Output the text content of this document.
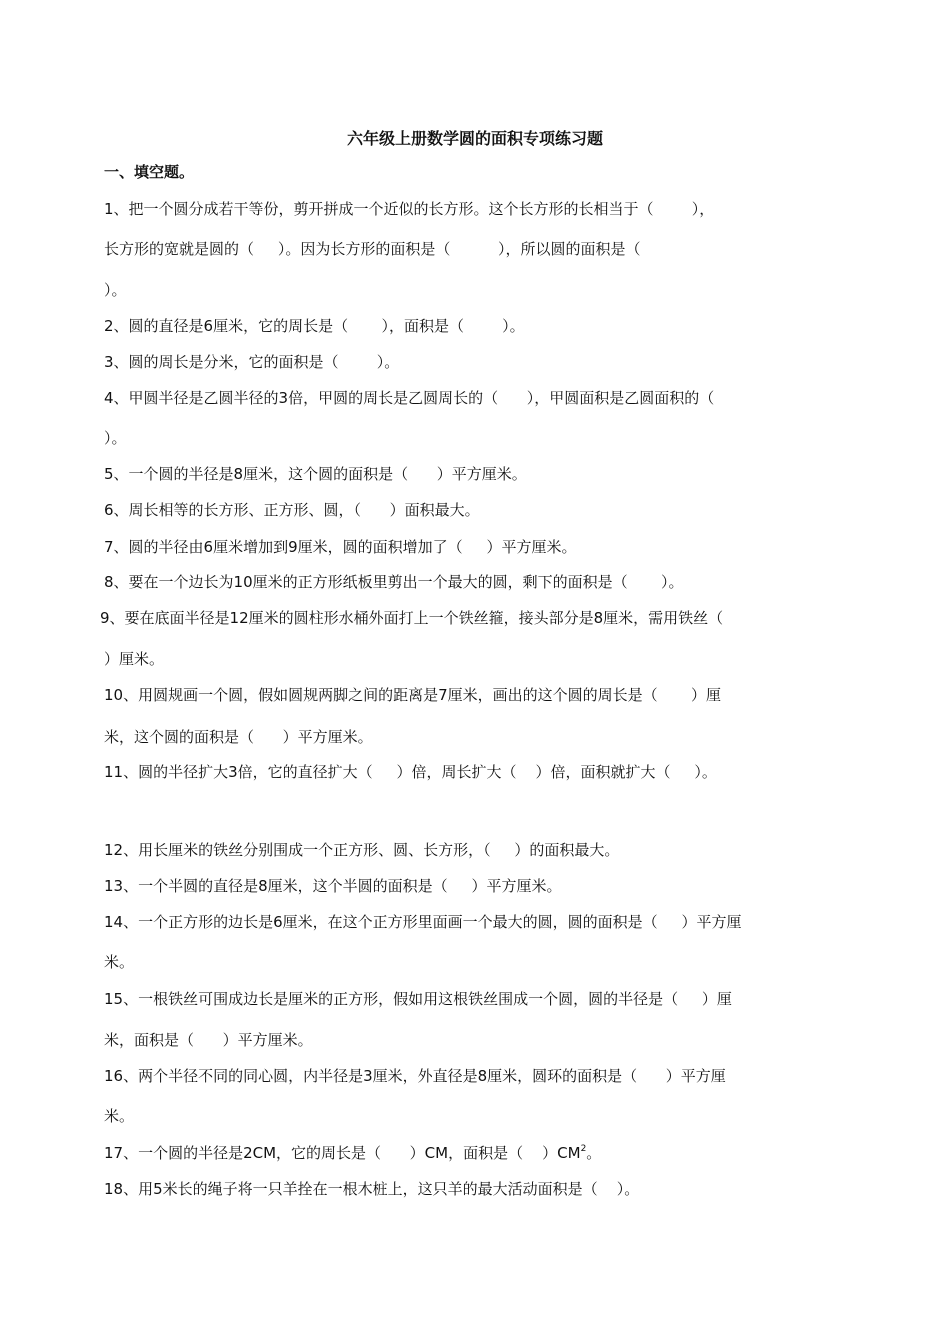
六年级上册数学圆的面积专项练习题
一、填空题。
1、把一个圆分成若干等份，剪开拼成一个近似的长方形。这个长方形的长相当于（        ），
长方形的宽就是圆的（     ）。因为长方形的面积是（          ），所以圆的面积是（
）。
2、圆的直径是6厘米，它的周长是（       ），面积是（        ）。
3、圆的周长是分米，它的面积是（        ）。
4、甲圆半径是乙圆半径的3倍，甲圆的周长是乙圆周长的（      ），甲圆面积是乙圆面积的（
）。
5、一个圆的半径是8厘米，这个圆的面积是（      ）平方厘米。
6、周长相等的长方形、正方形、圆，（      ）面积最大。
7、圆的半径由6厘米增加到9厘米，圆的面积增加了（     ）平方厘米。
8、要在一个边长为10厘米的正方形纸板里剪出一个最大的圆，剩下的面积是（       ）。
9、要在底面半径是12厘米的圆柱形水桶外面打上一个铁丝箍，接头部分是8厘米，需用铁丝（
）厘米。
10、用圆规画一个圆，假如圆规两脚之间的距离是7厘米，画出的这个圆的周长是（       ）厘
米，这个圆的面积是（      ）平方厘米。
11、圆的半径扩大3倍，它的直径扩大（     ）倍，周长扩大（    ）倍，面积就扩大（     ）。
12、用长厘米的铁丝分别围成一个正方形、圆、长方形，（     ）的面积最大。
13、一个半圆的直径是8厘米，这个半圆的面积是（     ）平方厘米。
14、一个正方形的边长是6厘米，在这个正方形里面画一个最大的圆，圆的面积是（     ）平方厘
米。
15、一根铁丝可围成边长是厘米的正方形，假如用这根铁丝围成一个圆，圆的半径是（     ）厘
米，面积是（      ）平方厘米。
16、两个半径不同的同心圆，内半径是3厘米，外直径是8厘米，圆环的面积是（      ）平方厘
米。
17、一个圆的半径是2CM，它的周长是（      ）CM，面积是（    ）$CM^2$。
18、用5米长的绳子将一只羊拴在一根木桩上，这只羊的最大活动面积是（    ）。
